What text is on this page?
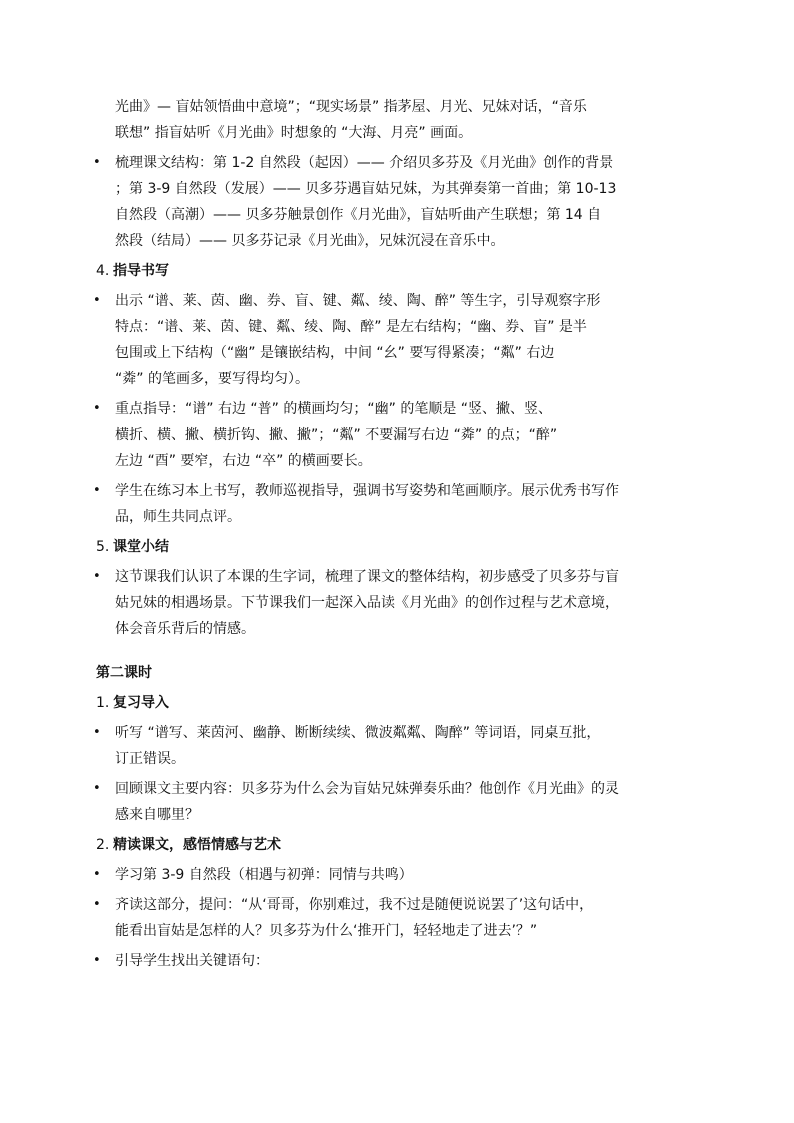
光曲》— 盲姑领悟曲中意境”；“现实场景” 指茅屋、月光、兄妹对话，“音乐
联想” 指盲姑听《月光曲》时想象的 “大海、月亮” 画面。
• 梳理课文结构：第 1-2 自然段（起因）—— 介绍贝多芬及《月光曲》创作的背景
；第 3-9 自然段（发展）—— 贝多芬遇盲姑兄妹，为其弹奏第一首曲；第 10-13
自然段（高潮）—— 贝多芬触景创作《月光曲》，盲姑听曲产生联想；第 14 自
然段（结局）—— 贝多芬记录《月光曲》，兄妹沉浸在音乐中。
4. 指导书写
• 出示 “谱、莱、茵、幽、券、盲、键、粼、绫、陶、醉” 等生字，引导观察字形
特点：“谱、莱、茵、键、粼、绫、陶、醉” 是左右结构；“幽、券、盲” 是半
包围或上下结构（“幽” 是镶嵌结构，中间 “幺” 要写得紧凑；“粼” 右边
“粦” 的笔画多，要写得均匀）。
• 重点指导：“谱” 右边 “普” 的横画均匀；“幽” 的笔顺是 “竖、撇、竖、
横折、横、撇、横折钩、撇、撇”；“粼” 不要漏写右边 “粦” 的点；“醉”
左边 “酉” 要窄，右边 “卒” 的横画要长。
• 学生在练习本上书写，教师巡视指导，强调书写姿势和笔画顺序。展示优秀书写作
品，师生共同点评。
5. 课堂小结
• 这节课我们认识了本课的生字词，梳理了课文的整体结构，初步感受了贝多芬与盲
姑兄妹的相遇场景。下节课我们一起深入品读《月光曲》的创作过程与艺术意境，
体会音乐背后的情感。
第二课时
1. 复习导入
• 听写 “谱写、莱茵河、幽静、断断续续、微波粼粼、陶醉” 等词语，同桌互批，
订正错误。
• 回顾课文主要内容：贝多芬为什么会为盲姑兄妹弹奏乐曲？他创作《月光曲》的灵
感来自哪里？
2. 精读课文，感悟情感与艺术
• 学习第 3-9 自然段（相遇与初弹：同情与共鸣）
• 齐读这部分，提问：“从‘哥哥，你别难过，我不过是随便说说罢了’这句话中，
能看出盲姑是怎样的人？贝多芬为什么‘推开门，轻轻地走了进去’？”
• 引导学生找出关键语句：
